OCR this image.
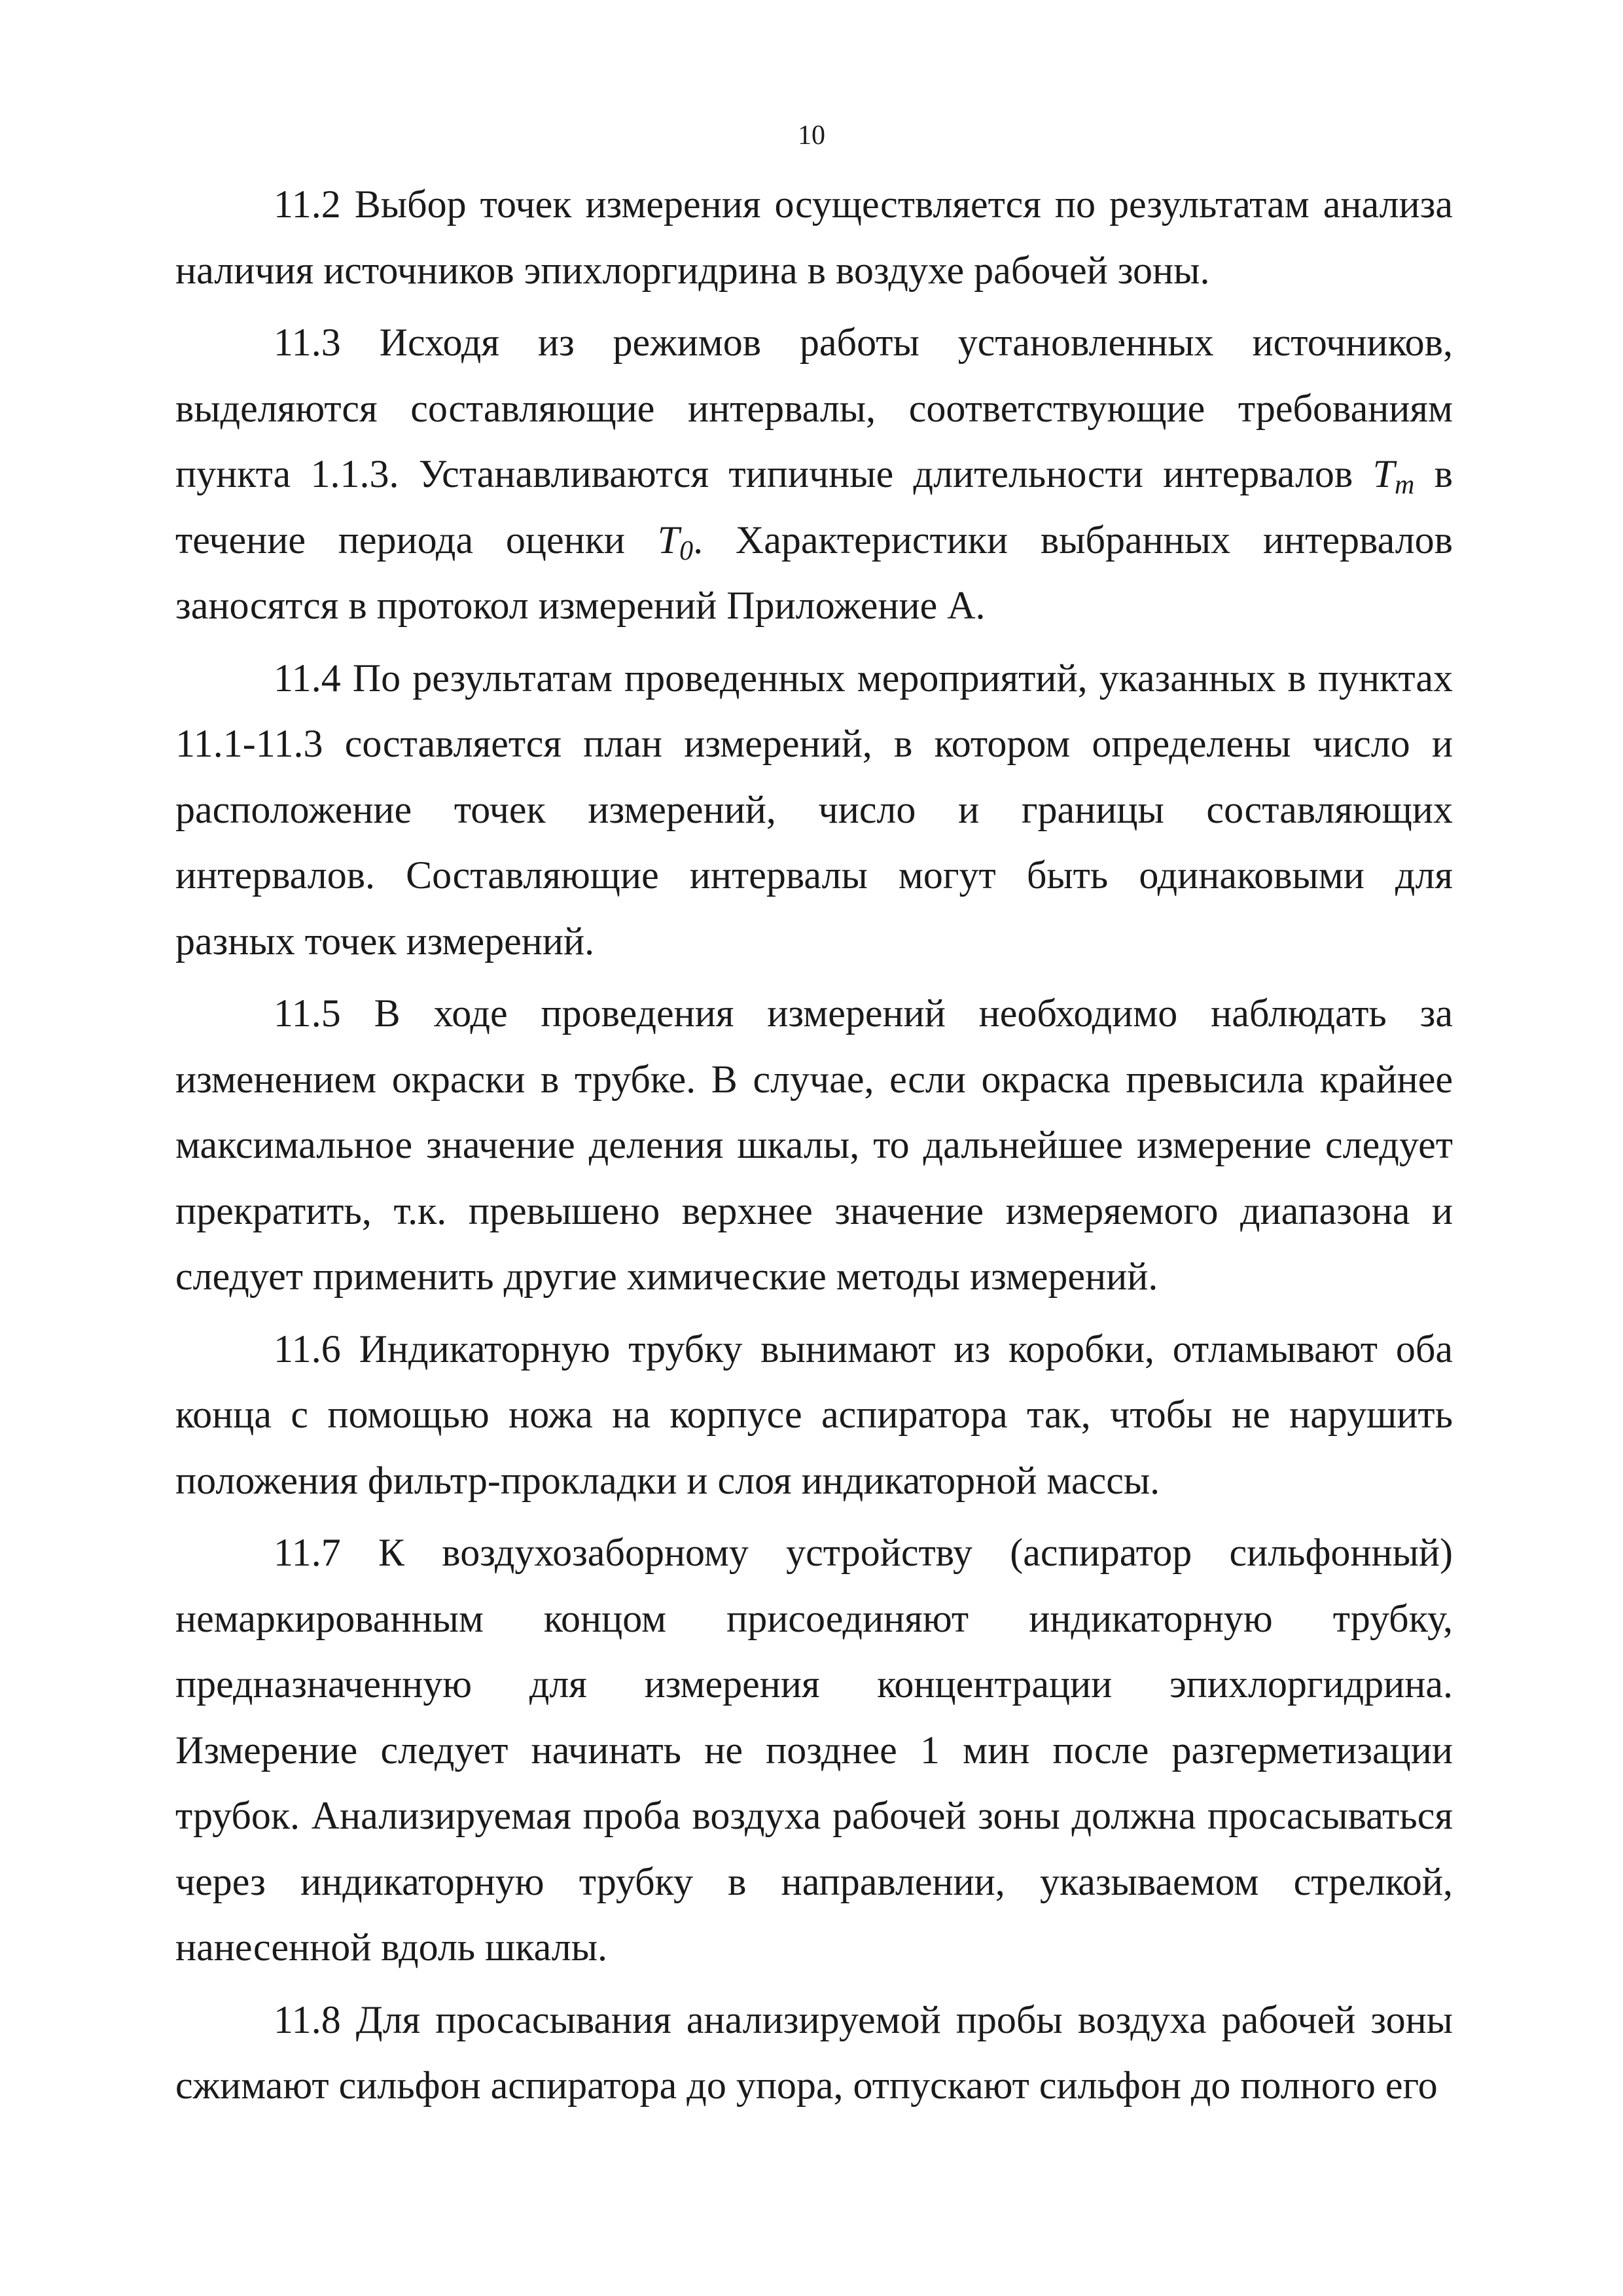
10

11.2 Выбор точек измерения осуществляется по результатам анализа наличия источников эпихлоргидрина в воздухе рабочей зоны.

11.3 Исходя из режимов работы установленных источников, выделяются составляющие интервалы, соответствующие требованиям пункта 1.1.3. Устанавливаются типичные длительности интервалов $T_m$ в течение периода оценки $T_0$. Характеристики выбранных интервалов заносятся в протокол измерений Приложение А.

11.4 По результатам проведенных мероприятий, указанных в пунктах 11.1-11.3 составляется план измерений, в котором определены число и расположение точек измерений, число и границы составляющих интервалов. Составляющие интервалы могут быть одинаковыми для разных точек измерений.

11.5 В ходе проведения измерений необходимо наблюдать за изменением окраски в трубке. В случае, если окраска превысила крайнее максимальное значение деления шкалы, то дальнейшее измерение следует прекратить, т.к. превышено верхнее значение измеряемого диапазона и следует применить другие химические методы измерений.

11.6 Индикаторную трубку вынимают из коробки, отламывают оба конца с помощью ножа на корпусе аспиратора так, чтобы не нарушить положения фильтр-прокладки и слоя индикаторной массы.

11.7 К воздухозаборному устройству (аспиратор сильфонный) немаркированным концом присоединяют индикаторную трубку, предназначенную для измерения концентрации эпихлоргидрина. Измерение следует начинать не позднее 1 мин после разгерметизации трубок. Анализируемая проба воздуха рабочей зоны должна просасываться через индикаторную трубку в направлении, указываемом стрелкой, нанесенной вдоль шкалы.

11.8 Для просасывания анализируемой пробы воздуха рабочей зоны сжимают сильфон аспиратора до упора, отпускают сильфон до полного его
